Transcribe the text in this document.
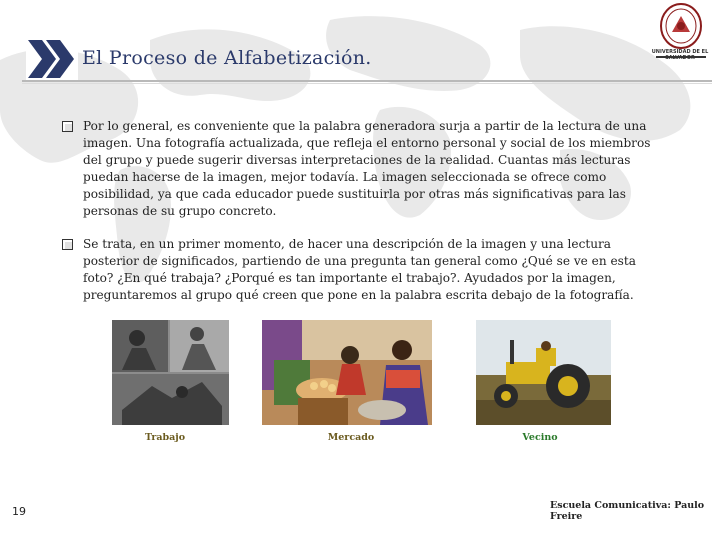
El Proceso de Alfabetización.	UNIVERSIDAD DE EL SALVADOR
Por lo general, es conveniente que la palabra generadora surja a partir de la lectura de una imagen. Una fotografía actualizada, que refleja el entorno personal y social de los miembros del grupo y puede sugerir diversas interpretaciones de la realidad. Cuantas más lecturas puedan hacerse de la imagen, mejor todavía. La imagen seleccionada se ofrece como posibilidad, ya que cada educador puede sustituirla por otras más significativas para las personas de su grupo concreto.
Se trata, en un primer momento, de hacer una descripción de la imagen y una lectura posterior de significados, partiendo de una pregunta tan general como ¿Qué se ve en esta foto? ¿En qué trabaja? ¿Porqué es tan importante el trabajo?. Ayudados por la imagen, preguntaremos al grupo qué creen que pone en la palabra escrita debajo de la fotografía.
Trabajo	Mercado	Vecino
19	Escuela Comunicativa: Paulo Freire
